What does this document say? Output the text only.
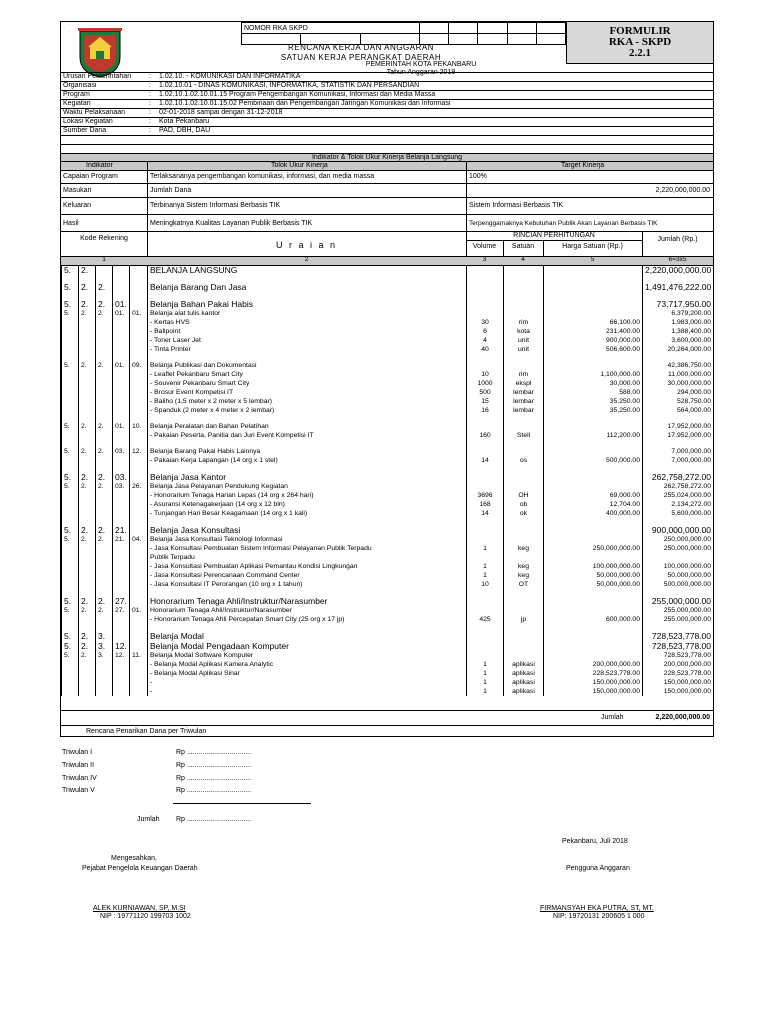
NOMOR RKA SKPD							
								FORMULIR
RKA - SKPD
2.2.1
RENCANA KERJA DAN ANGGARAN
SATUAN KERJA PERANGKAT DAERAH
PEMERINTAH KOTA PEKANBARU
Tahun Anggaran 2019
Urusan Pemerintahan	: 1.02.10. - KOMUNIKASI DAN INFORMATIKA
Organisasi	: 1.02.10.01 - DINAS KOMUNIKASI, INFORMATIKA, STATISTIK DAN PERSANDIAN
Program	: 1.02.10.1.02.10.01.15 Program Pengembangan Komunikasi, Informasi dan Media Massa
Kegiatan	: 1.02.10.1.02.10.01.15.02 Pembinaan dan Pengembangan Jaringan Komunikasi dan Informasi
Waktu Pelaksanaan	: 02-01-2018 sampai dengan 31-12-2018
Lokasi Kegiatan	: Kota Pekanbaru
Sumber Dana	: PAD, DBH, DAU
Indikator & Tolok Ukur Kinerja Belanja Langsung
Indikator	Tolok Ukur Kinerja	Target Kinerja
Capaian Program	Terlaksananya pengembangan komunikasi, informasi, dan media massa	100%
Masukan	Jumlah Dana	2,220,000,000.00
Keluaran	Terbinanya Sistem Informasi Berbasis TIK	Sistem Informasi Berbasis TIK
Hasil	Meningkatnya Kualitas Layanan Publik Berbasis TIK	Terpenggarnaknya Kebutuhan Publik Akan Layanan Berbasis TIK
Kode Rekening
U r a i a n
RINCIAN PERHITUNGAN
Volume	Satuan	Harga Satuan (Rp.)
Jumlah (Rp.)
1	2	3	4	5	6=3x5
5.	2.				BELANJA LANGSUNG				2,220,000,000.00

5.	2.	2.			Belanja Barang Dan Jasa				1,491,476,222.00

5.	2.	2.	01.		Belanja Bahan Pakai Habis				73,717,950.00
5.	2.	2.	01.	01.	Belanja alat tulis kantor				6,379,200.00
					- Kertas HVS	30	rim	66,100.00	1,983,000.00
					- Ballpoint	6	kota	231,400.00	1,388,400.00
					- Toner Laser Jet	4	unit	900,000.00	3,600,000.00
					- Tinta Printer	40	unit	506,600.00	20,264,000.00

5.	2.	2.	01.	09.	Belanja Publikasi dan Dokumentasi				42,386,750.00
					- Leaflet Pekanbaru Smart City	10	rim	1,100,000.00	11,000,000.00
					- Souvenir Pekanbaru Smart City	1000	ekspl	30,000.00	30,000,000.00
					- Brosur Event Kompetisi IT	500	lembar	588.00	294,000.00
					- Baliho (1,5 meter x 2 meter x 5 lembar)	15	lembar	35,250.00	528,750.00
					- Spanduk (2 meter x 4 meter x 2 lembar)	16	lembar	35,250.00	564,000.00

5.	2.	2.	01.	10.	Belanja Peralatan dan Bahan Pelatihan				17,952,000.00
					- Pakaian Peserta, Panitia dan Juri Event Kompetisi IT	160	Stell	112,200.00	17,952,000.00

5.	2.	2.	03.	12.	Belanja Barang Pakai Habis Lainnya				7,000,000.00
					- Pakaian Kerja Lapangan (14 org x 1 stel)	14	os	500,000.00	7,000,000.00

5.	2.	2.	03.		Belanja Jasa Kantor				262,758,272.00
5.	2.	2.	03.	26.	Belanja Jasa Pelayanan Pendukung Kegiatan				262,758,272.00
					- Honorarium Tenaga Harian Lepas (14 org x 264 hari)	3696	OH	69,000.00	255,024,000.00
					- Asuransi Ketenagakerjaan (14 org x 12 bln)	168	ob	12,704.00	2,134,272.00
					- Tunjangan Hari Besar Keagamaan (14 org x 1 kali)	14	ok	400,000.00	5,600,000.00

5.	2.	2.	21.		Belanja Jasa Konsultasi				900,000,000.00
5.	2.	2.	21.	04.	Belanja Jasa Konsultasi Teknologi Informasi				250,000,000.00
					- Jasa Konsultasi Pembuatan Sistem Informasi Pelayanan Publik Terpadu	1	keg	250,000,000.00	250,000,000.00
					Publik Terpadu				
					- Jasa Konsultasi Pembuatan Aplikasi Pemantau Kondisi Lingkungan	1	keg	100,000,000.00	100,000,000.00
					- Jasa Konsultasi Perencanaan Command Center	1	keg	50,000,000.00	50,000,000.00
					- Jasa Konsultasi IT Perorangan (10 org x 1 tahun)	10	OT	50,000,000.00	500,000,000.00

5.	2.	2.	27.		Honorarium Tenaga Ahli/Instruktur/Narasumber				255,000,000.00
5.	2.	2.	27.	01.	Honorarium Tenaga Ahli/Instruktur/Narasumber				255,000,000.00
					- Honorarium Tenaga Ahli Percepatan Smart City (25 org x 17 jp)	425	jp	600,000.00	255,000,000.00

5.	2.	3.			Belanja Modal				728,523,778.00
5.	2.	3.	12.		Belanja Modal Pengadaan Komputer				728,523,778.00
5.	2.	3.	12.	11.	Belanja Modal Software Komputer				728,523,778.00
					- Belanja Modal Aplikasi Kamera Analytic	1	aplikasi	200,000,000.00	200,000,000.00
					- Belanja Modal Aplikasi Sinar	1	aplikasi	228,523,778.00	228,523,778.00
					-	1	aplikasi	150,000,000.00	150,000,000.00
					-	1	aplikasi	150,000,000.00	150,000,000.00
Jumlah	2,220,000,000.00
Rencana Penarikan Dana per Triwulan
Triwulan I	Rp .................................
Triwulan II	Rp .................................
Triwulan IV	Rp .................................
Triwulan V	Rp .................................
Jumlah Rp .................................
Pekanbaru, Juli 2018
Mengesahkan,
Pejabat Pengelola Keuangan Daerah	Pengguna Anggaran
ALEK KURNIAWAN, SP, M.SI
NIP : 19771120 199703 1002
FIRMANSYAH EKA PUTRA, ST, MT.
NIP: 19720131 200605 1 000
